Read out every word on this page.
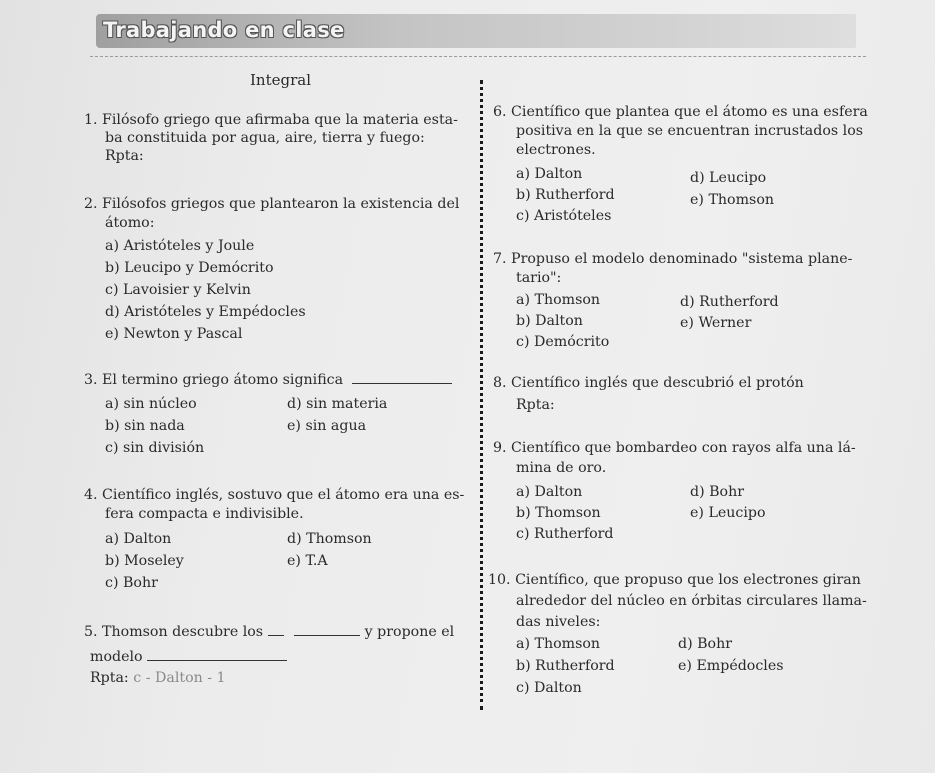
Trabajando en clase
Integral
1. Filósofo griego que afirmaba que la materia esta-
ba constituida por agua, aire, tierra y fuego:
Rpta:
2. Filósofos griegos que plantearon la existencia del
átomo:
a) Aristóteles y Joule
b) Leucipo y Demócrito
c) Lavoisier y Kelvin
d) Aristóteles y Empédocles
e) Newton y Pascal
3. El termino griego átomo significa
a) sin núcleo
b) sin nada
c) sin división
d) sin materia
e) sin agua
4. Científico inglés, sostuvo que el átomo era una es-
fera compacta e indivisible.
a) Dalton
b) Moseley
c) Bohr
d) Thomson
e) T.A
5. Thomson descubre los	y propone el
modelo
Rpta: c - Dalton - 1
6. Científico que plantea que el átomo es una esfera
positiva en la que se encuentran incrustados los
electrones.
a) Dalton
b) Rutherford
c) Aristóteles
d) Leucipo
e) Thomson
7. Propuso el modelo denominado "sistema plane-
tario":
a) Thomson
b) Dalton
c) Demócrito
d) Rutherford
e) Werner
8. Científico inglés que descubrió el protón
Rpta:
9. Científico que bombardeo con rayos alfa una lá-
mina de oro.
a) Dalton
b) Thomson
c) Rutherford
d) Bohr
e) Leucipo
10. Científico, que propuso que los electrones giran
alrededor del núcleo en órbitas circulares llama-
das niveles:
a) Thomson
b) Rutherford
c) Dalton
d) Bohr
e) Empédocles
